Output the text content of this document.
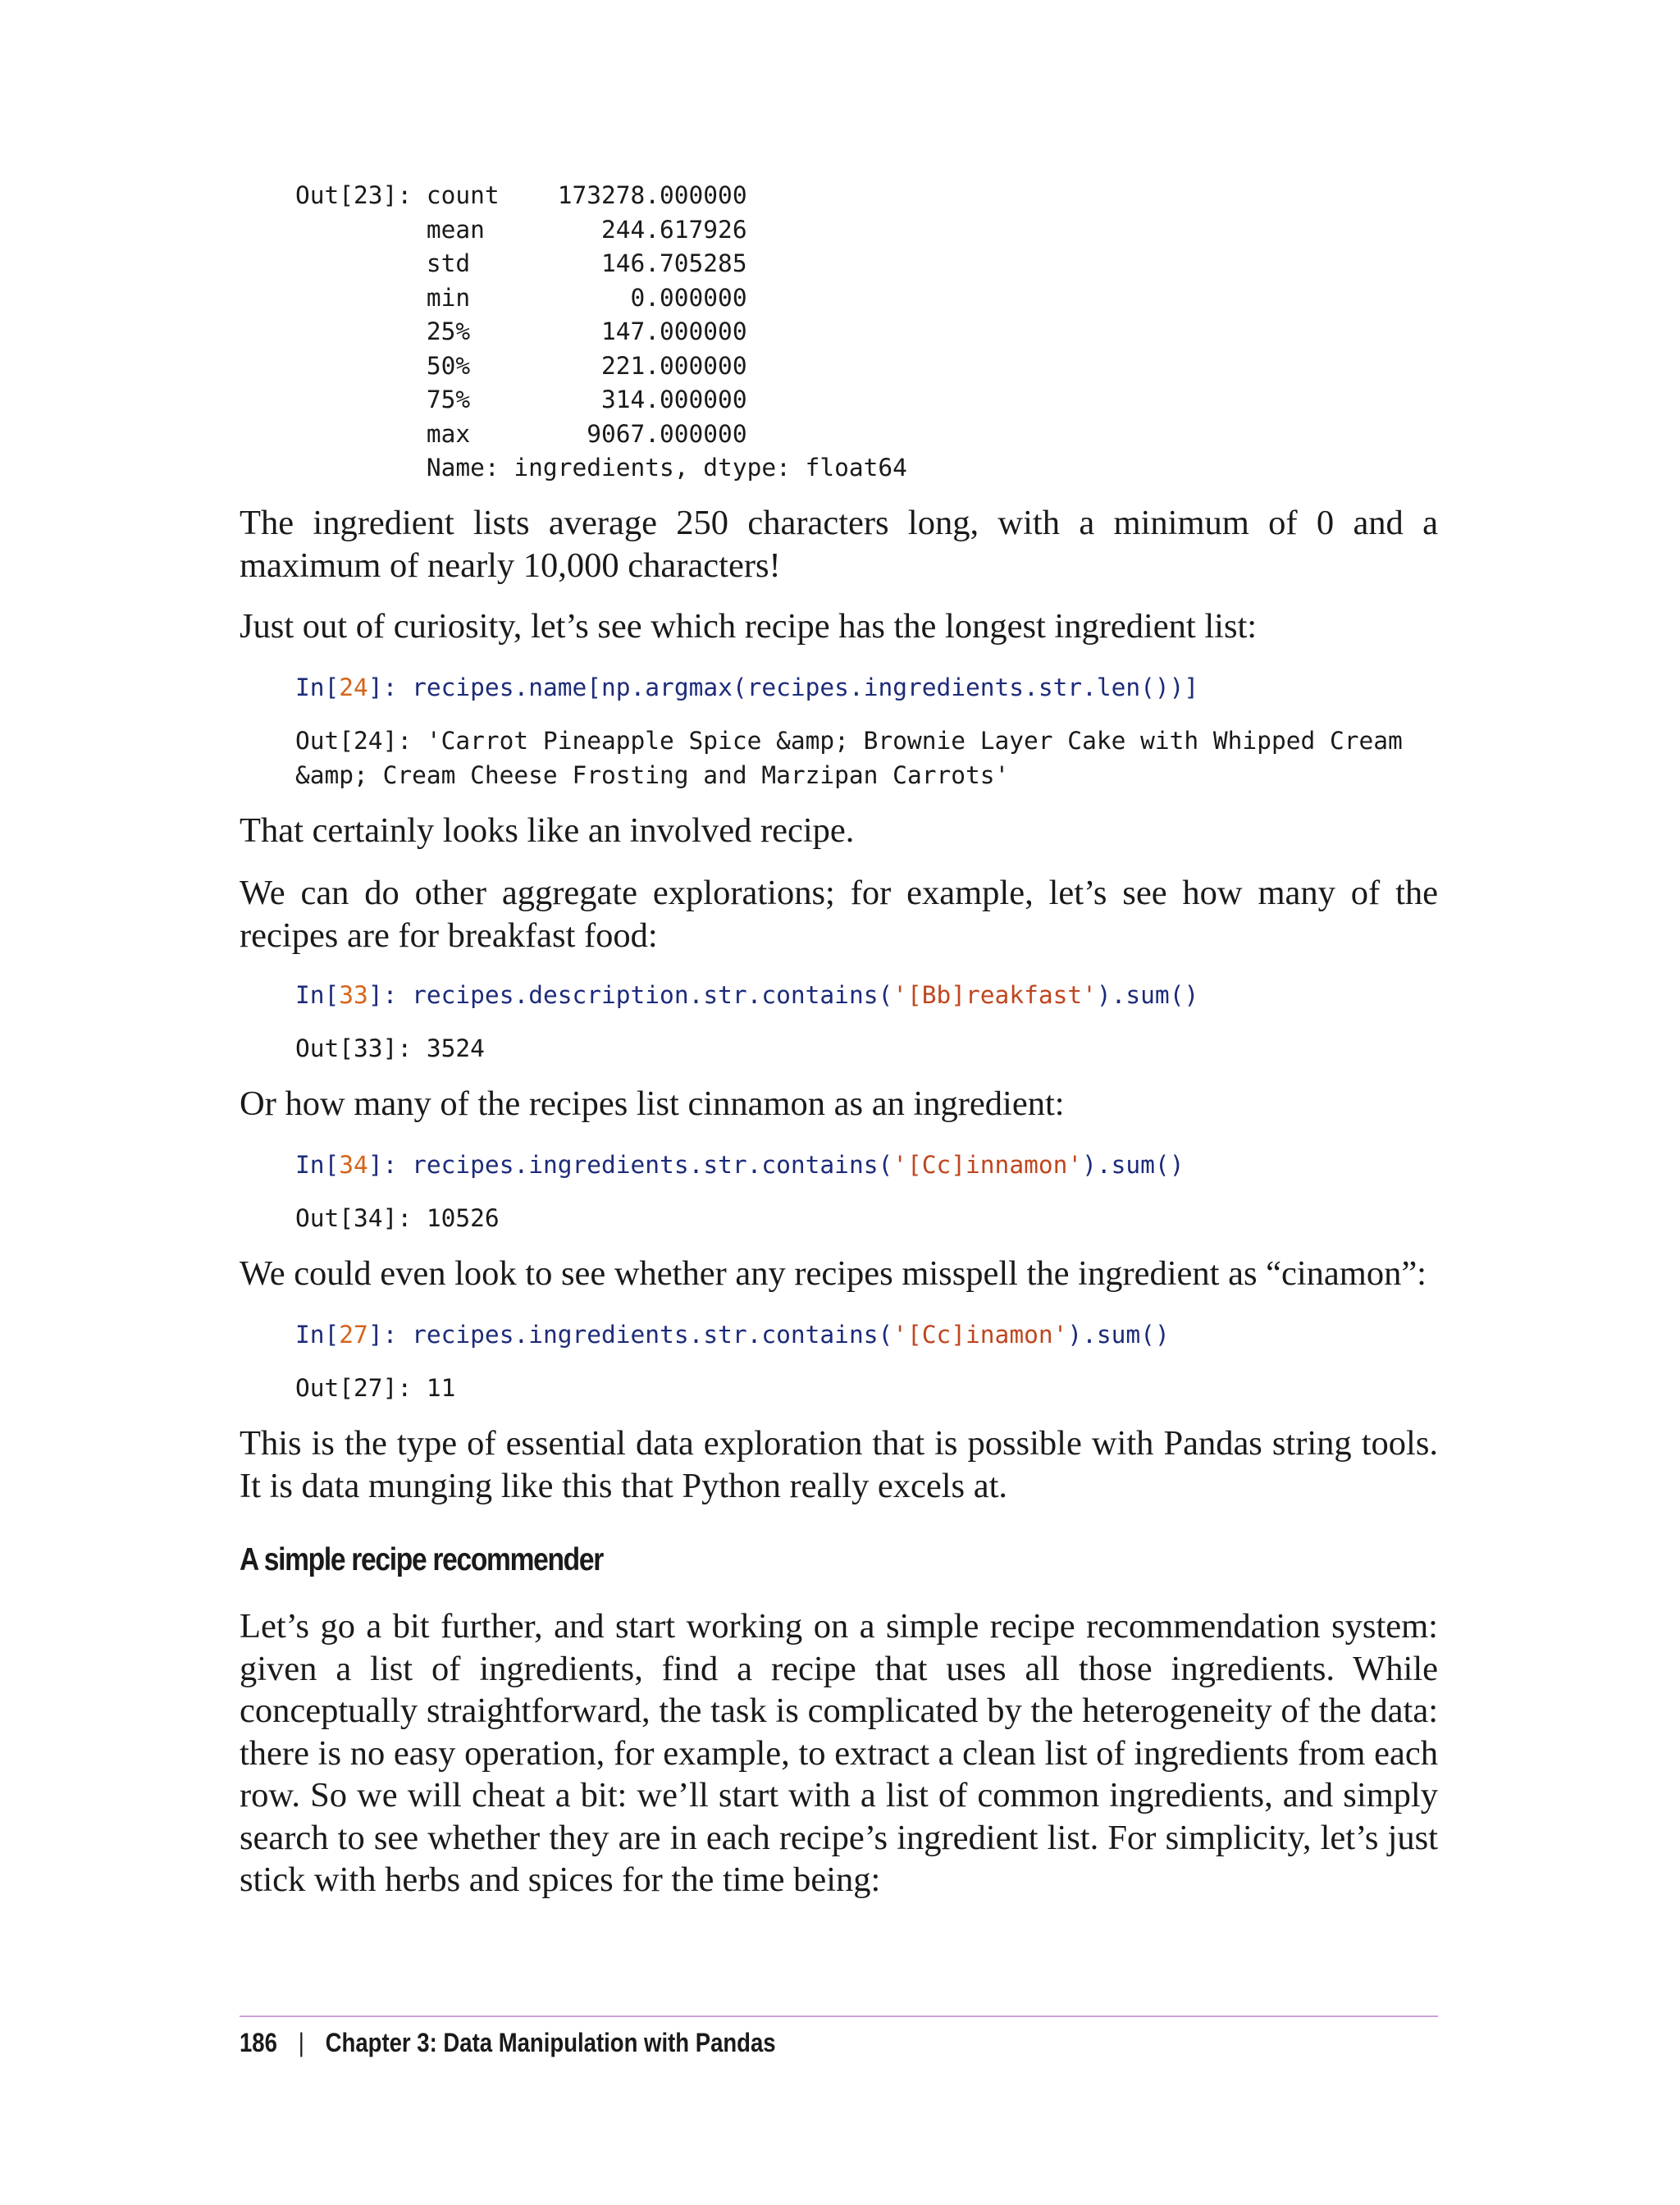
Out[23]: count    173278.000000
mean        244.617926
std         146.705285
min           0.000000
25%         147.000000
50%         221.000000
75%         314.000000
max        9067.000000
Name: ingredients, dtype: float64

The ingredient lists average 250 characters long, with a minimum of 0 and a maximum of nearly 10,000 characters!

Just out of curiosity, let’s see which recipe has the longest ingredient list:

In[24]: recipes.name[np.argmax(recipes.ingredients.str.len())]
Out[24]: 'Carrot Pineapple Spice &amp; Brownie Layer Cake with Whipped Cream
&amp; Cream Cheese Frosting and Marzipan Carrots'

That certainly looks like an involved recipe.

We can do other aggregate explorations; for example, let’s see how many of the recipes are for breakfast food:

In[33]: recipes.description.str.contains('[Bb]reakfast').sum()
Out[33]: 3524

Or how many of the recipes list cinnamon as an ingredient:

In[34]: recipes.ingredients.str.contains('[Cc]innamon').sum()
Out[34]: 10526

We could even look to see whether any recipes misspell the ingredient as “cinamon”:

In[27]: recipes.ingredients.str.contains('[Cc]inamon').sum()
Out[27]: 11

This is the type of essential data exploration that is possible with Pandas string tools. It is data munging like this that Python really excels at.

A simple recipe recommender

Let’s go a bit further, and start working on a simple recipe recommendation system: given a list of ingredients, find a recipe that uses all those ingredients. While conceptually straightforward, the task is complicated by the heterogeneity of the data: there is no easy operation, for example, to extract a clean list of ingredients from each row. So we will cheat a bit: we’ll start with a list of common ingredients, and simply search to see whether they are in each recipe’s ingredient list. For simplicity, let’s just stick with herbs and spices for the time being:

186 | Chapter 3: Data Manipulation with Pandas
